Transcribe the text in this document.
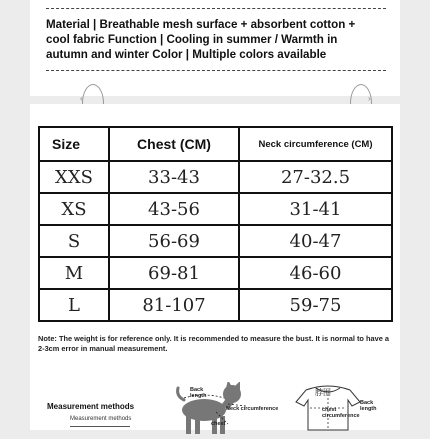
Material | Breathable mesh surface + absorbent cotton +
cool fabric Function | Cooling in summer / Warmth in
autumn and winter Color | Multiple colors available
‹	›
Size	Chest (CM)	Neck circumference (CM)
XXS	33-43	27-32.5
XS	43-56	31-41
S	56-69	40-47
M	69-81	46-60
L	81-107	59-75
Note: The weight is for reference only. It is recommended to measure the bust. It is normal to have a 2-3cm error in manual measurement.
Measurement methods
Measurement methods
Back length
Neck circumference
chest
脖围
Back length
chest circumference
